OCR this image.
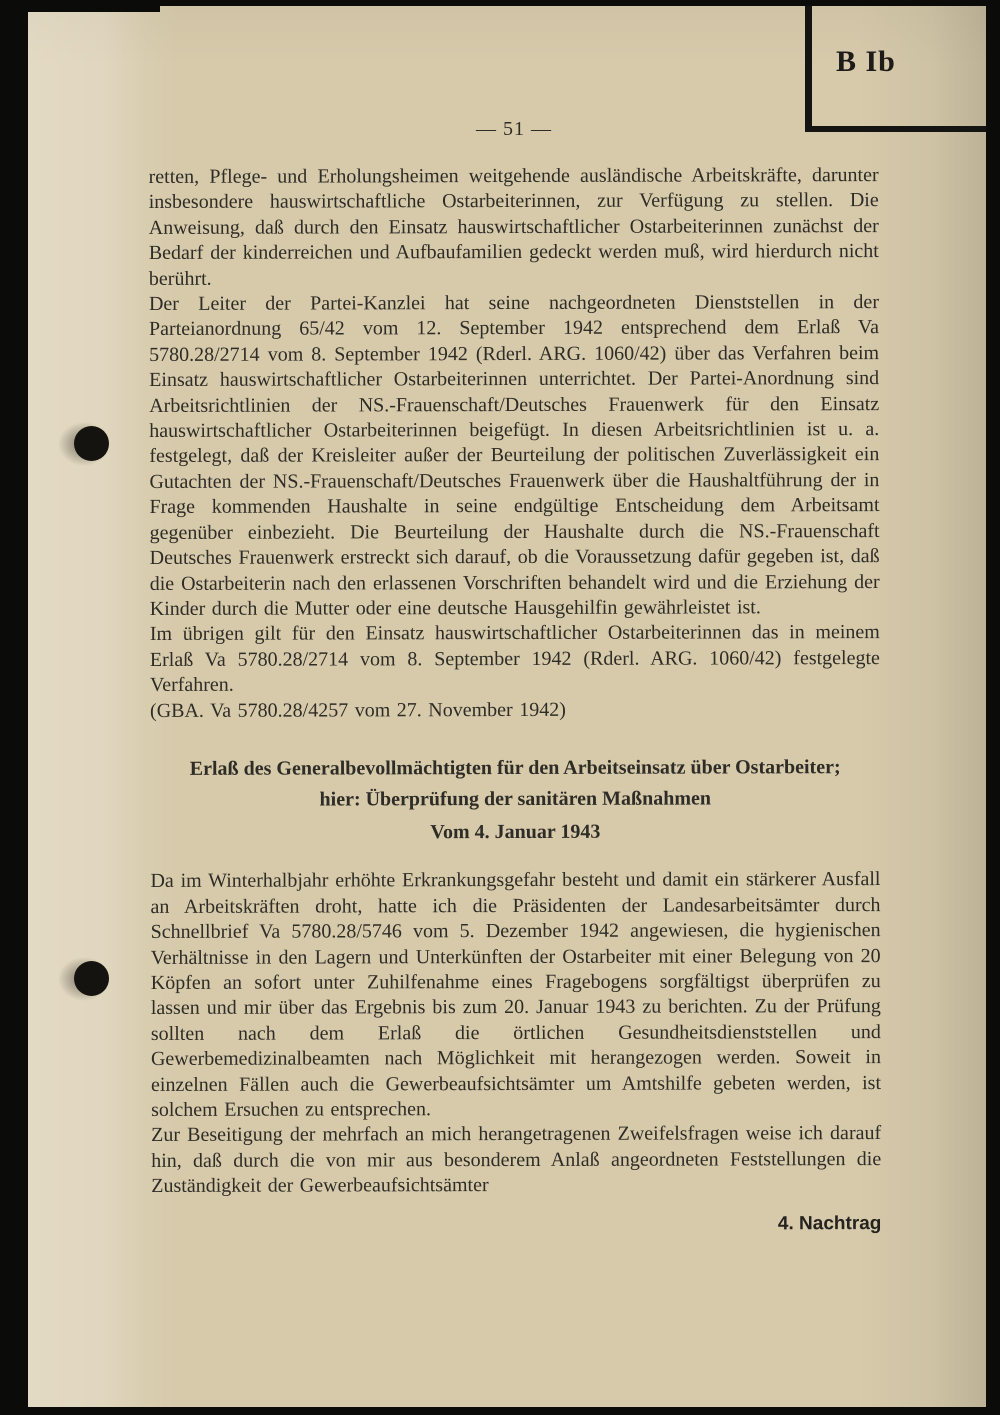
B Ib
— 51 —

retten, Pflege- und Erholungsheimen weitgehende ausländische Arbeitskräfte, darunter insbesondere hauswirtschaftliche Ostarbeiterinnen, zur Verfügung zu stellen. Die Anweisung, daß durch den Einsatz hauswirtschaftlicher Ostarbeiterinnen zunächst der Bedarf der kinderreichen und Aufbaufamilien gedeckt werden muß, wird hierdurch nicht berührt.

Der Leiter der Partei-Kanzlei hat seine nachgeordneten Dienststellen in der Parteianordnung 65/42 vom 12. September 1942 entsprechend dem Erlaß Va 5780.28/2714 vom 8. September 1942 (Rderl. ARG. 1060/42) über das Verfahren beim Einsatz hauswirtschaftlicher Ostarbeiterinnen unterrichtet. Der Partei-Anordnung sind Arbeitsrichtlinien der NS.-Frauenschaft/Deutsches Frauenwerk für den Einsatz hauswirtschaftlicher Ostarbeiterinnen beigefügt. In diesen Arbeitsrichtlinien ist u. a. festgelegt, daß der Kreisleiter außer der Beurteilung der politischen Zuverlässigkeit ein Gutachten der NS.-Frauenschaft/Deutsches Frauenwerk über die Haushaltführung der in Frage kommenden Haushalte in seine endgültige Entscheidung dem Arbeitsamt gegenüber einbezieht. Die Beurteilung der Haushalte durch die NS.-Frauenschaft Deutsches Frauenwerk erstreckt sich darauf, ob die Voraussetzung dafür gegeben ist, daß die Ostarbeiterin nach den erlassenen Vorschriften behandelt wird und die Erziehung der Kinder durch die Mutter oder eine deutsche Hausgehilfin gewährleistet ist.

Im übrigen gilt für den Einsatz hauswirtschaftlicher Ostarbeiterinnen das in meinem Erlaß Va 5780.28/2714 vom 8. September 1942 (Rderl. ARG. 1060/42) festgelegte Verfahren.

(GBA. Va 5780.28/4257 vom 27. November 1942)

Erlaß des Generalbevollmächtigten für den Arbeitseinsatz über Ostarbeiter;
hier: Überprüfung der sanitären Maßnahmen
Vom 4. Januar 1943

Da im Winterhalbjahr erhöhte Erkrankungsgefahr besteht und damit ein stärkerer Ausfall an Arbeitskräften droht, hatte ich die Präsidenten der Landesarbeitsämter durch Schnellbrief Va 5780.28/5746 vom 5. Dezember 1942 angewiesen, die hygienischen Verhältnisse in den Lagern und Unterkünften der Ostarbeiter mit einer Belegung von 20 Köpfen an sofort unter Zuhilfenahme eines Fragebogens sorgfältigst überprüfen zu lassen und mir über das Ergebnis bis zum 20. Januar 1943 zu berichten. Zu der Prüfung sollten nach dem Erlaß die örtlichen Gesundheitsdienststellen und Gewerbemedizinalbeamten nach Möglichkeit mit herangezogen werden. Soweit in einzelnen Fällen auch die Gewerbeaufsichtsämter um Amtshilfe gebeten werden, ist solchem Ersuchen zu entsprechen.

Zur Beseitigung der mehrfach an mich herangetragenen Zweifelsfragen weise ich darauf hin, daß durch die von mir aus besonderem Anlaß angeordneten Feststellungen die Zuständigkeit der Gewerbeaufsichtsämter

4. Nachtrag
